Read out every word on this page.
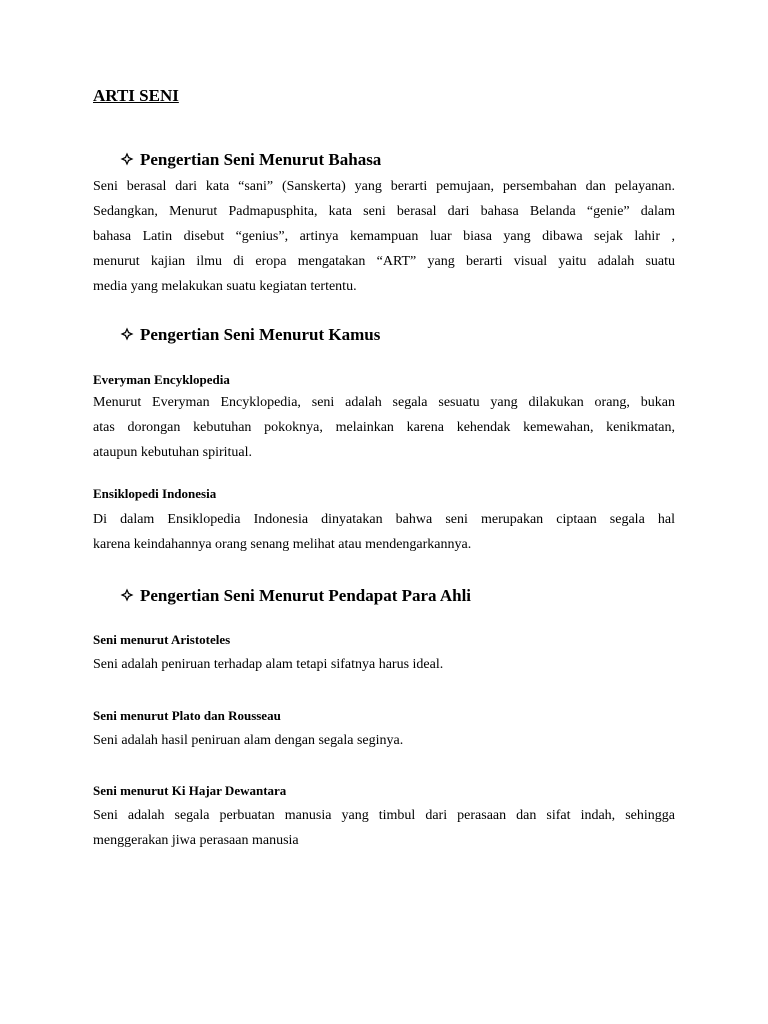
ARTI SENI
Pengertian Seni Menurut Bahasa
Seni berasal dari kata “sani” (Sanskerta) yang berarti pemujaan, persembahan dan pelayanan.
Sedangkan, Menurut Padmapusphita, kata seni berasal dari bahasa Belanda “genie” dalam
bahasa Latin disebut “genius”, artinya kemampuan luar biasa yang dibawa sejak lahir ,
menurut kajian ilmu di eropa mengatakan “ART” yang berarti visual yaitu adalah suatu
media yang melakukan suatu kegiatan tertentu.
Pengertian Seni Menurut Kamus
Everyman Encyklopedia
Menurut Everyman Encyklopedia, seni adalah segala sesuatu yang dilakukan orang, bukan
atas dorongan kebutuhan pokoknya, melainkan karena kehendak kemewahan, kenikmatan,
ataupun kebutuhan spiritual.
Ensiklopedi Indonesia
Di dalam Ensiklopedia Indonesia dinyatakan bahwa seni merupakan ciptaan segala hal
karena keindahannya orang senang melihat atau mendengarkannya.
Pengertian Seni Menurut Pendapat Para Ahli
Seni menurut Aristoteles
Seni adalah peniruan terhadap alam tetapi sifatnya harus ideal.
Seni menurut Plato dan Rousseau
Seni adalah hasil peniruan alam dengan segala seginya.
Seni menurut Ki Hajar Dewantara
Seni adalah segala perbuatan manusia yang timbul dari perasaan dan sifat indah, sehingga
menggerakan jiwa perasaan manusia
